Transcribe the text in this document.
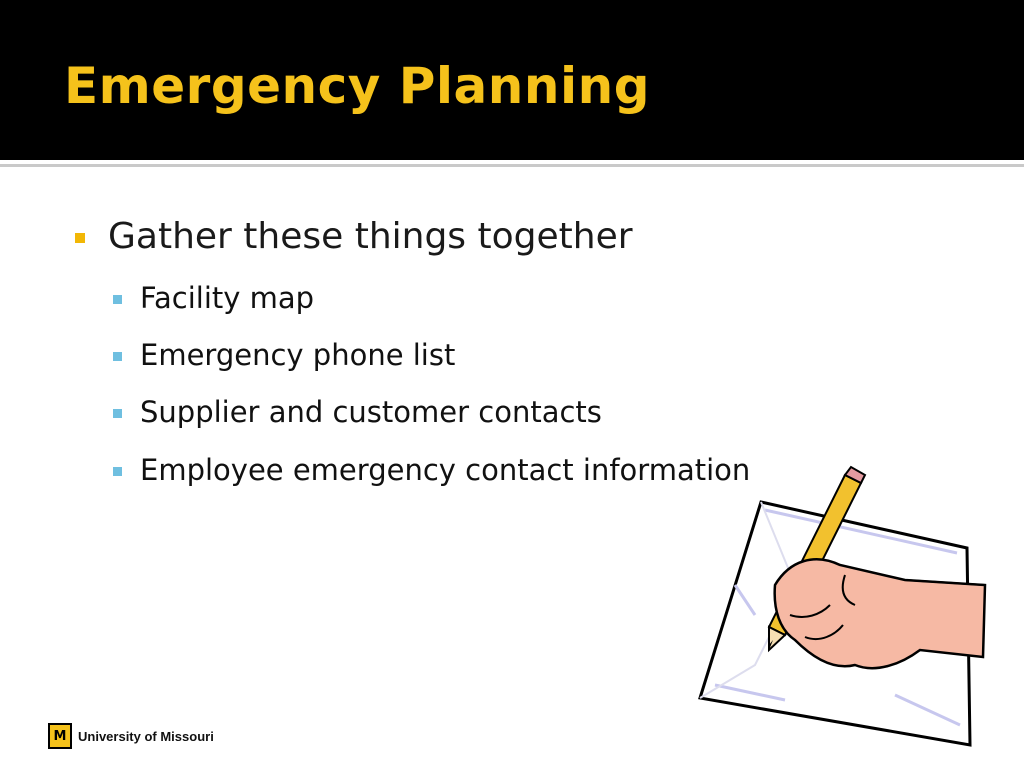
Emergency Planning
Gather these things together
Facility map
Emergency phone list
Supplier and customer contacts
Employee emergency contact information
M University of Missouri
